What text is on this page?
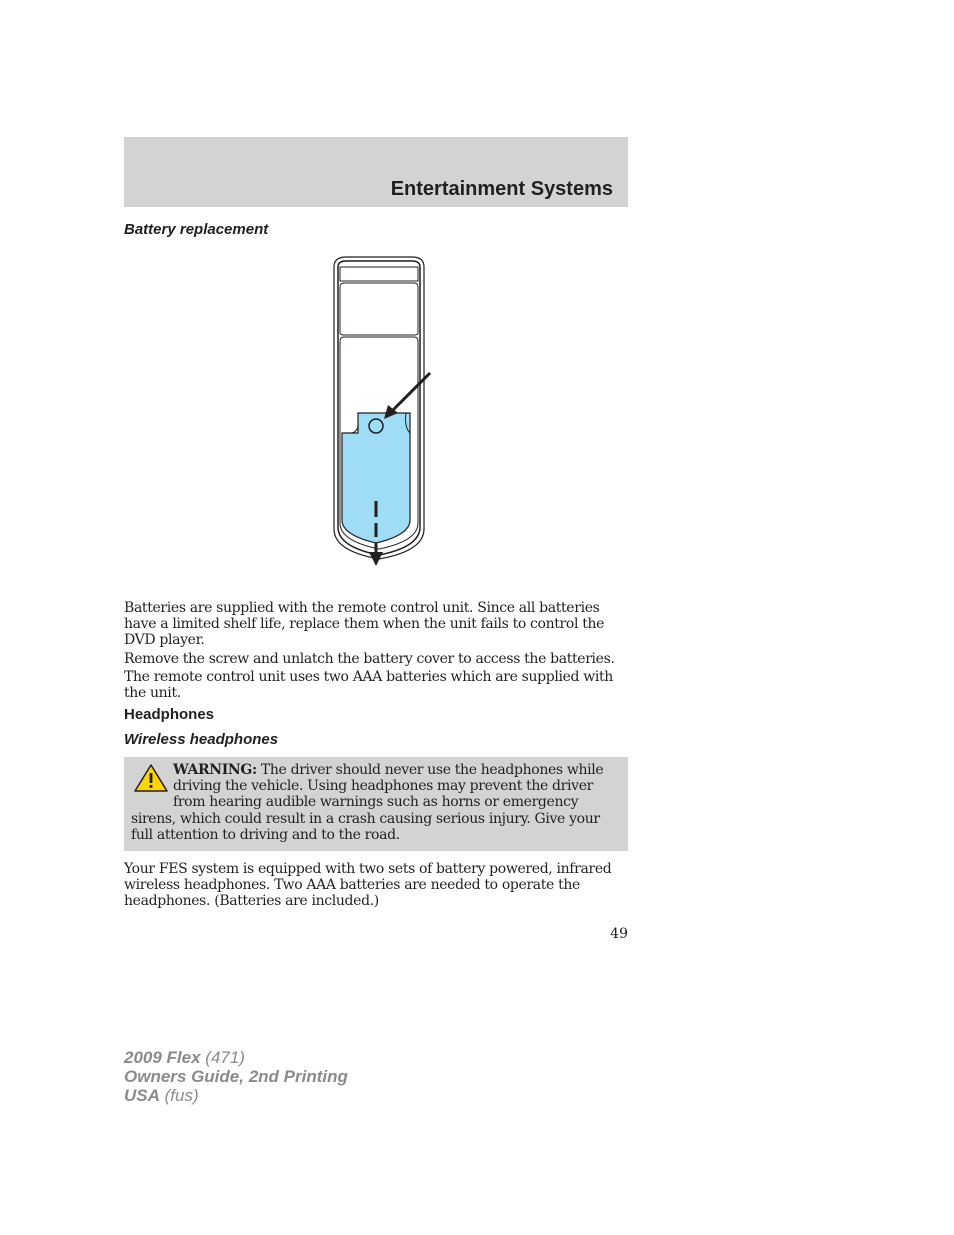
Entertainment Systems
Battery replacement

Batteries are supplied with the remote control unit. Since all batteries have a limited shelf life, replace them when the unit fails to control the DVD player.

Remove the screw and unlatch the battery cover to access the batteries.

The remote control unit uses two AAA batteries which are supplied with the unit.

Headphones
Wireless headphones

WARNING: The driver should never use the headphones while driving the vehicle. Using headphones may prevent the driver from hearing audible warnings such as horns or emergency sirens, which could result in a crash causing serious injury. Give your full attention to driving and to the road.

Your FES system is equipped with two sets of battery powered, infrared wireless headphones. Two AAA batteries are needed to operate the headphones. (Batteries are included.)

49
2009 Flex (471)
Owners Guide, 2nd Printing
USA (fus)
